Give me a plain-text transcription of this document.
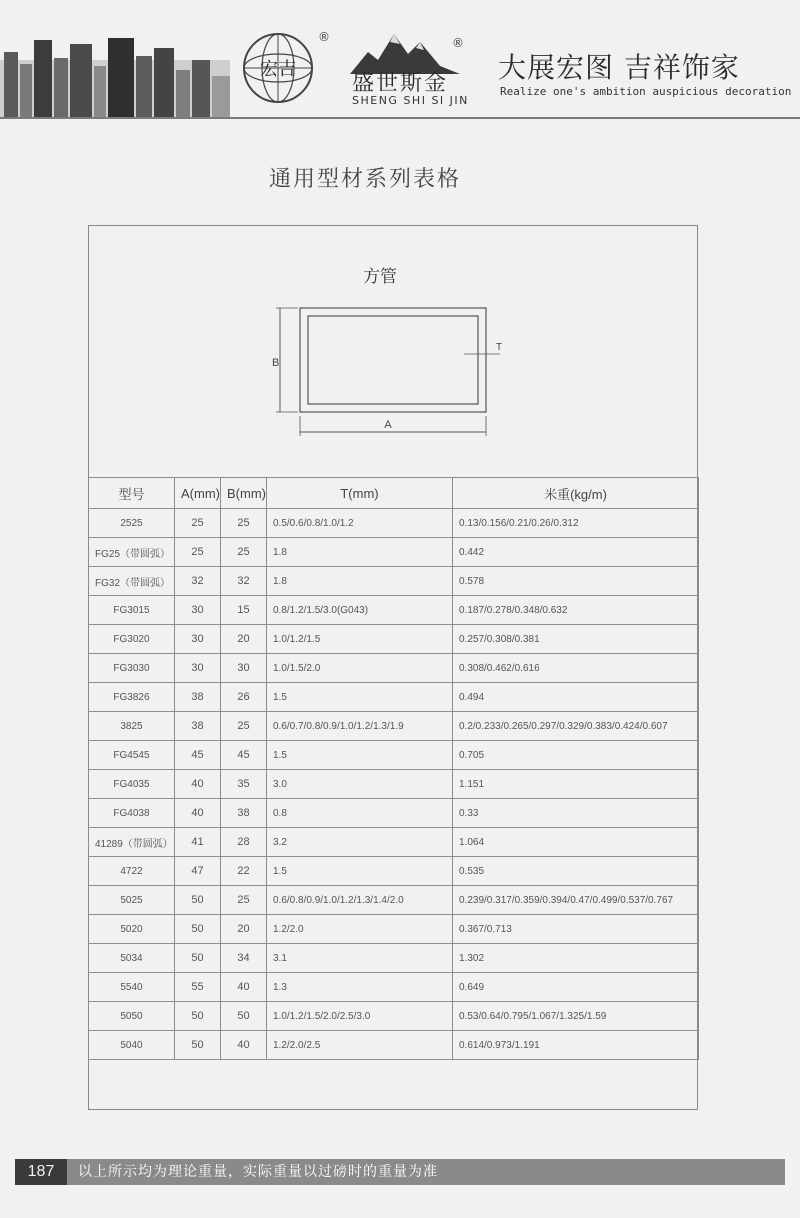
宏吉
®	®
盛世斯金
SHENG SHI SI JIN
大展宏图 吉祥饰家
Realize one's ambition auspicious decoration
通用型材系列表格
方管
B
A
T
型号	A(mm)	B(mm)	T(mm)	米重(kg/m)
2525	25	25	0.5/0.6/0.8/1.0/1.2	0.13/0.156/0.21/0.26/0.312
FG25（带圆弧）	25	25	1.8	0.442
FG32（带圆弧）	32	32	1.8	0.578
FG3015	30	15	0.8/1.2/1.5/3.0(G043)	0.187/0.278/0.348/0.632
FG3020	30	20	1.0/1.2/1.5	0.257/0.308/0.381
FG3030	30	30	1.0/1.5/2.0	0.308/0.462/0.616
FG3826	38	26	1.5	0.494
3825	38	25	0.6/0.7/0.8/0.9/1.0/1.2/1.3/1.9	0.2/0.233/0.265/0.297/0.329/0.383/0.424/0.607
FG4545	45	45	1.5	0.705
FG4035	40	35	3.0	1.151
FG4038	40	38	0.8	0.33
41289（带圆弧）	41	28	3.2	1.064
4722	47	22	1.5	0.535
5025	50	25	0.6/0.8/0.9/1.0/1.2/1.3/1.4/2.0	0.239/0.317/0.359/0.394/0.47/0.499/0.537/0.767
5020	50	20	1.2/2.0	0.367/0.713
5034	50	34	3.1	1.302
5540	55	40	1.3	0.649
5050	50	50	1.0/1.2/1.5/2.0/2.5/3.0	0.53/0.64/0.795/1.067/1.325/1.59
5040	50	40	1.2/2.0/2.5	0.614/0.973/1.191
187	以上所示均为理论重量，实际重量以过磅时的重量为准
